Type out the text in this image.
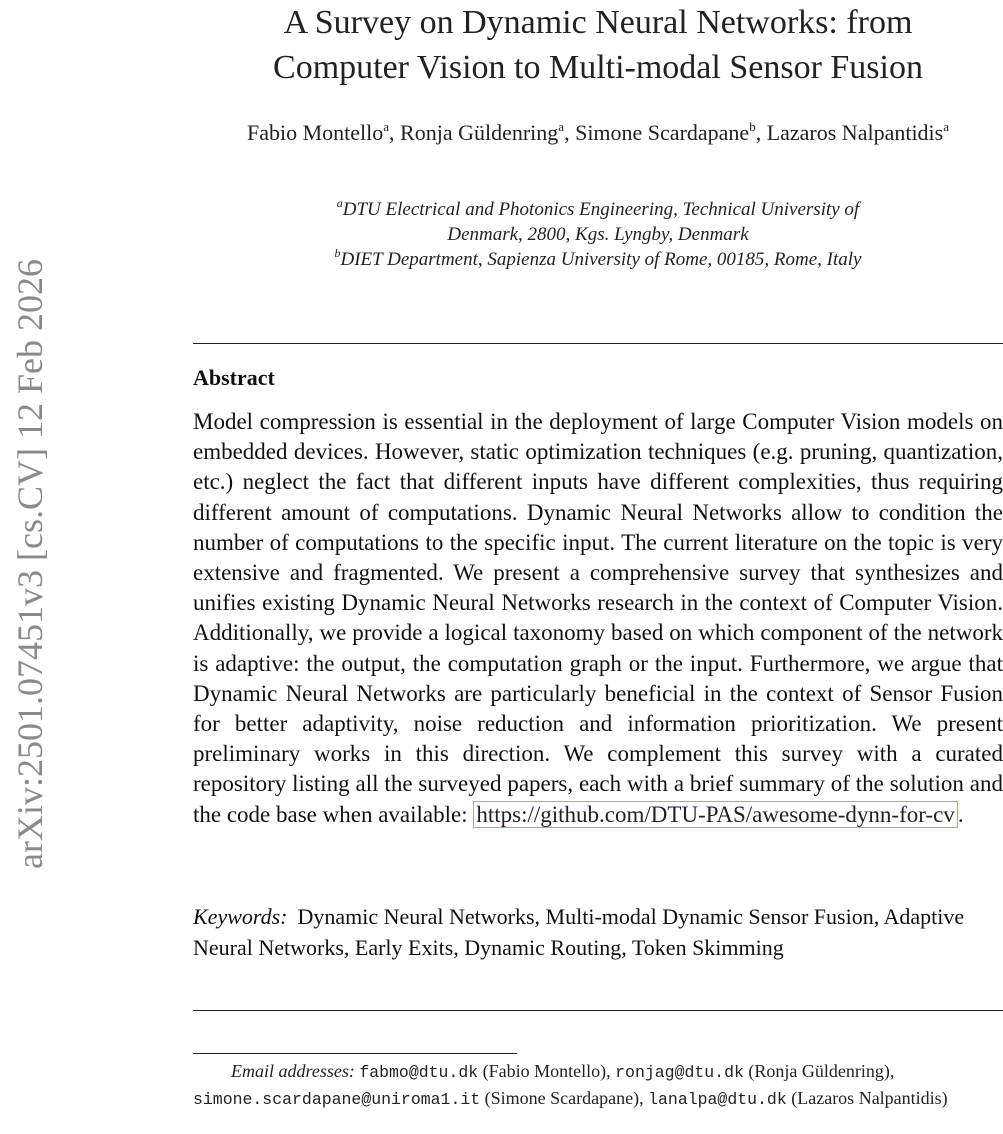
arXiv:2501.07451v3 [cs.CV] 12 Feb 2026
A Survey on Dynamic Neural Networks: from
Computer Vision to Multi-modal Sensor Fusion
Fabio Montello$^a$, Ronja Güldenring$^a$, Simone Scardapane$^b$, Lazaros Nalpantidis$^a$
$^a$DTU Electrical and Photonics Engineering, Technical University of
Denmark, 2800, Kgs. Lyngby, Denmark
$^b$DIET Department, Sapienza University of Rome, 00185, Rome, Italy
Abstract
Model compression is essential in the deployment of large Computer Vision models on embedded devices. However, static optimization techniques (e.g. pruning, quantization, etc.) neglect the fact that different inputs have different complexities, thus requiring different amount of computations. Dynamic Neural Networks allow to condition the number of computations to the specific input. The current literature on the topic is very extensive and fragmented. We present a comprehensive survey that synthesizes and unifies existing Dynamic Neural Networks research in the context of Computer Vision. Additionally, we provide a logical taxonomy based on which component of the network is adaptive: the output, the computation graph or the input. Furthermore, we argue that Dynamic Neural Networks are particularly beneficial in the context of Sensor Fusion for better adaptivity, noise reduction and information prioritization. We present preliminary works in this direction. We complement this survey with a curated repository listing all the surveyed papers, each with a brief summary of the solution and the code base when available: https://github.com/DTU-PAS/awesome-dynn-for-cv .
Keywords: Dynamic Neural Networks, Multi-modal Dynamic Sensor Fusion, Adaptive Neural Networks, Early Exits, Dynamic Routing, Token Skimming
Email addresses: fabmo@dtu.dk (Fabio Montello), ronjag@dtu.dk (Ronja Güldenring), simone.scardapane@uniroma1.it (Simone Scardapane), lanalpa@dtu.dk (Lazaros Nalpantidis)
